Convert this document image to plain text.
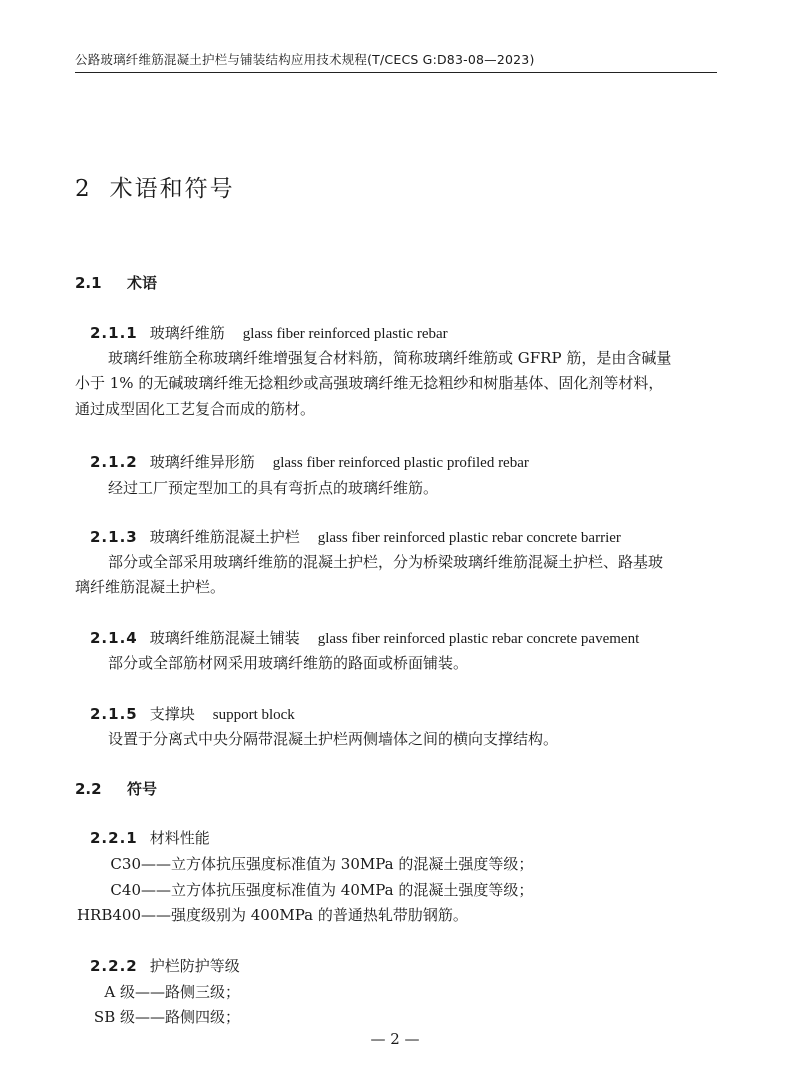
公路玻璃纤维筋混凝土护栏与铺装结构应用技术规程(T/CECS G:D83-08—2023)
2 术语和符号
2.1 术语
2.1.1 玻璃纤维筋 glass fiber reinforced plastic rebar
玻璃纤维筋全称玻璃纤维增强复合材料筋，简称玻璃纤维筋或 GFRP 筋，是由含碱量
小于 1% 的无碱玻璃纤维无捻粗纱或高强玻璃纤维无捻粗纱和树脂基体、固化剂等材料，
通过成型固化工艺复合而成的筋材。
2.1.2 玻璃纤维异形筋 glass fiber reinforced plastic profiled rebar
经过工厂预定型加工的具有弯折点的玻璃纤维筋。
2.1.3 玻璃纤维筋混凝土护栏 glass fiber reinforced plastic rebar concrete barrier
部分或全部采用玻璃纤维筋的混凝土护栏，分为桥梁玻璃纤维筋混凝土护栏、路基玻
璃纤维筋混凝土护栏。
2.1.4 玻璃纤维筋混凝土铺装 glass fiber reinforced plastic rebar concrete pavement
部分或全部筋材网采用玻璃纤维筋的路面或桥面铺装。
2.1.5 支撑块 support block
设置于分离式中央分隔带混凝土护栏两侧墙体之间的横向支撑结构。
2.2 符号
2.2.1 材料性能
C30——立方体抗压强度标准值为 30MPa 的混凝土强度等级；
C40——立方体抗压强度标准值为 40MPa 的混凝土强度等级；
HRB400——强度级别为 400MPa 的普通热轧带肋钢筋。
2.2.2 护栏防护等级
A 级——路侧三级；
SB 级——路侧四级；
— 2 —
